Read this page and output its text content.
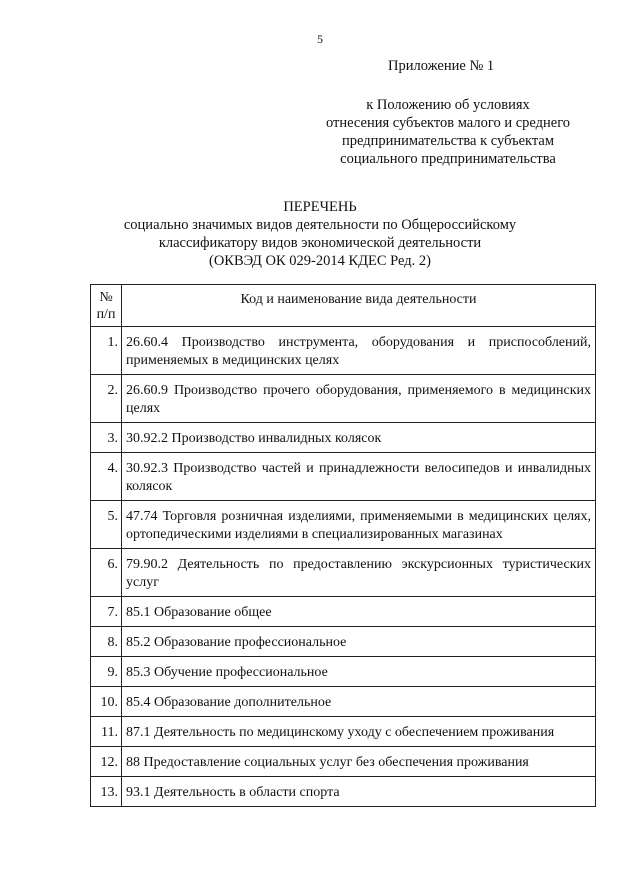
5
Приложение № 1
к Положению об условиях
отнесения субъектов малого и среднего
предпринимательства к субъектам
социального предпринимательства
ПЕРЕЧЕНЬ
социально значимых видов деятельности по Общероссийскому
классификатору видов экономической деятельности
(ОКВЭД ОК 029-2014 КДЕС Ред. 2)
№
п/п	Код и наименование вида деятельности
1.	26.60.4 Производство инструмента, оборудования и приспособлений, применяемых в медицинских целях
2.	26.60.9 Производство прочего оборудования, применяемого в медицинских целях
3.	30.92.2 Производство инвалидных колясок
4.	30.92.3 Производство частей и принадлежности велосипедов и инвалидных колясок
5.	47.74 Торговля розничная изделиями, применяемыми в медицинских целях, ортопедическими изделиями в специализированных магазинах
6.	79.90.2 Деятельность по предоставлению экскурсионных туристических услуг
7.	85.1 Образование общее
8.	85.2 Образование профессиональное
9.	85.3 Обучение профессиональное
10.	85.4 Образование дополнительное
11.	87.1 Деятельность по медицинскому уходу с обеспечением проживания
12.	88 Предоставление социальных услуг без обеспечения проживания
13.	93.1 Деятельность в области спорта
